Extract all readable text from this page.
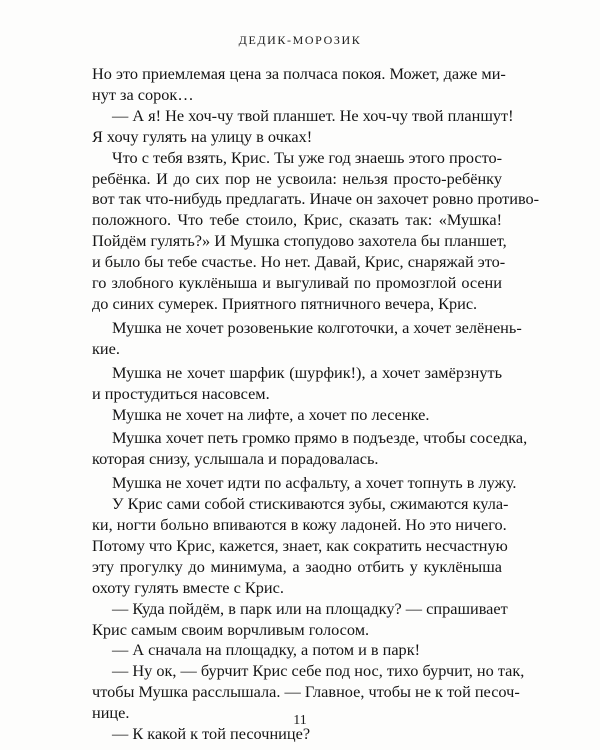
ДЕДИК-МОРОЗИК

Но это приемлемая цена за полчаса покоя. Может, даже ми-
нут за сорок…

— А я! Не хоч-чу твой планшет. Не хоч-чу твой планшут!
Я хочу гулять на улицу в очках!

Что с тебя взять, Крис. Ты уже год знаешь этого просто-
ребёнка. И до сих пор не усвоила: нельзя просто-ребёнку
вот так что-нибудь предлагать. Иначе он захочет ровно противо-
положного. Что тебе стоило, Крис, сказать так: «Мушка!
Пойдём гулять?» И Мушка стопудово захотела бы планшет,
и было бы тебе счастье. Но нет. Давай, Крис, снаряжай это-
го злобного куклёныша и выгуливай по промозглой осени
до синих сумерек. Приятного пятничного вечера, Крис.

Мушка не хочет розовенькие колготочки, а хочет зелёнень-
кие.

Мушка не хочет шарфик (шурфик!), а хочет замёрзнуть
и простудиться насовсем.

Мушка не хочет на лифте, а хочет по лесенке.

Мушка хочет петь громко прямо в подъезде, чтобы соседка,
которая снизу, услышала и порадовалась.

Мушка не хочет идти по асфальту, а хочет топнуть в лужу.

У Крис сами собой стискиваются зубы, сжимаются кула-
ки, ногти больно впиваются в кожу ладоней. Но это ничего.
Потому что Крис, кажется, знает, как сократить несчастную
эту прогулку до минимума, а заодно отбить у куклёныша
охоту гулять вместе с Крис.

— Куда пойдём, в парк или на площадку? — спрашивает
Крис самым своим ворчливым голосом.

— А сначала на площадку, а потом и в парк!

— Ну ок, — бурчит Крис себе под нос, тихо бурчит, но так,
чтобы Мушка расслышала. — Главное, чтобы не к той песоч-
нице.

— К какой к той песочнице?

11
